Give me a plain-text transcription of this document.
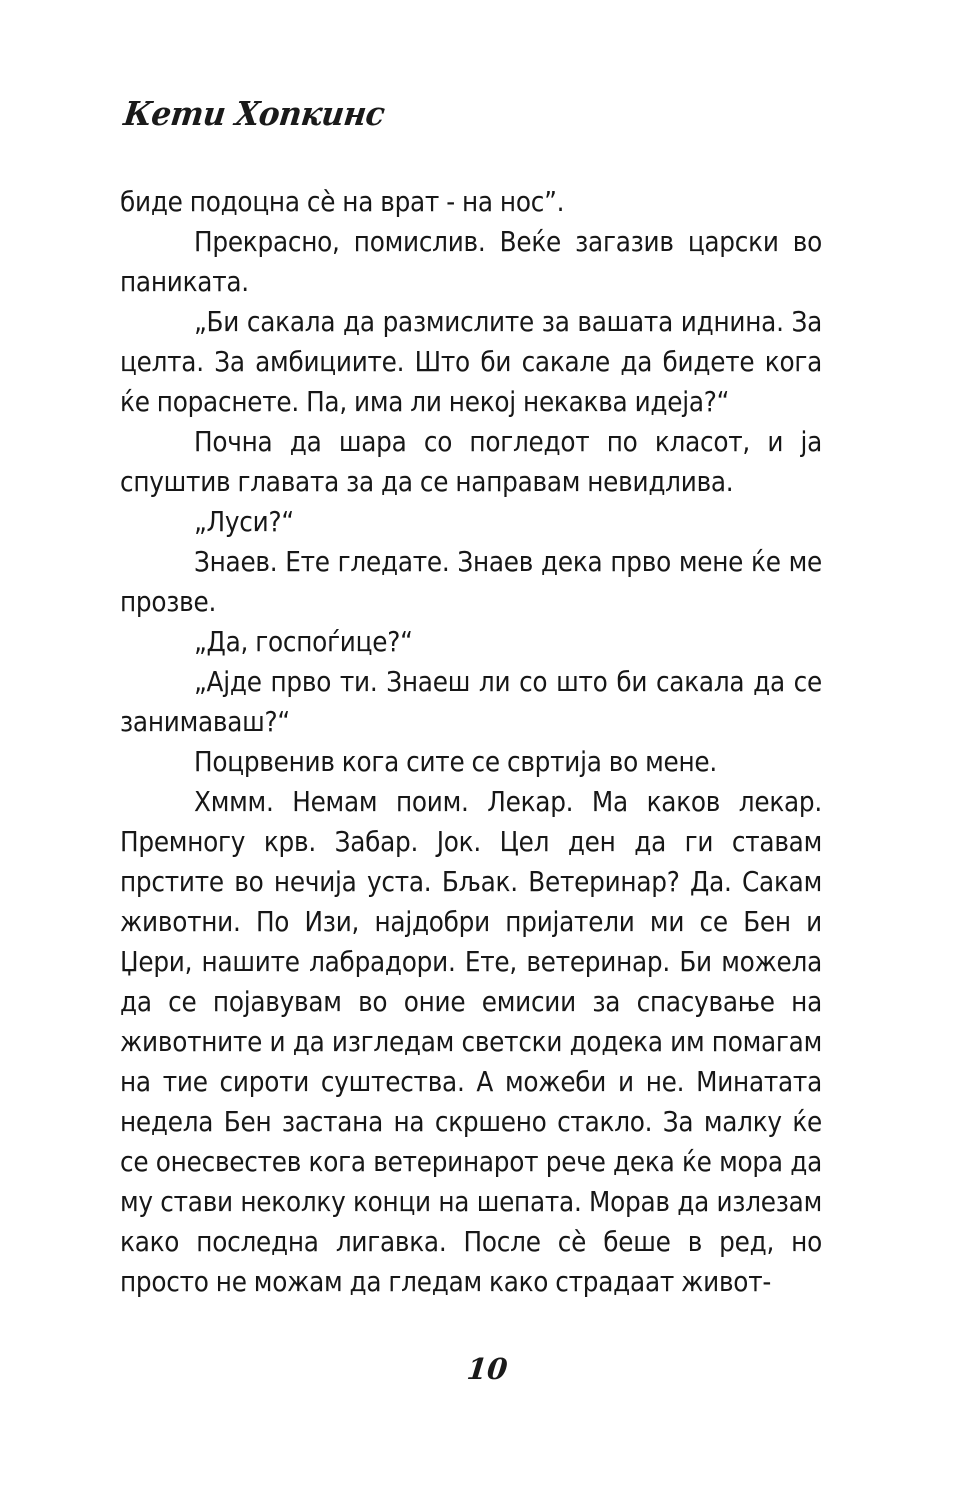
Кети Хопкинс

биде подоцна сè на врат - на нос”.

Прекрасно, помислив. Веќе загазив царски во паниката.

„Би сакала да размислите за вашата иднина. За целта. За амбициите. Што би сакале да бидете кога ќе пораснете. Па, има ли некој некаква идеја?“

Почна да шара со погледот по класот, и ја спуштив главата за да се направам невидлива.

„Луси?“

Знаев. Ете гледате. Знаев дека прво мене ќе ме прозве.

„Да, госпоѓице?“

„Ајде прво ти. Знаеш ли со што би сакала да се занимаваш?“

Поцрвенив кога сите се свртија во мене.

Хммм. Немам поим. Лекар. Ма каков лекар. Премногу крв. Забар. Јок. Цел ден да ги ставам прстите во нечија уста. Бљак. Ветеринар? Да. Сакам животни. По Изи, најдобри пријатели ми се Бен и Џери, нашите лабрадори. Ете, ветеринар. Би можела да се појавувам во оние емисии за спасување на животните и да изгледам светски додека им помагам на тие сироти суштества. А можеби и не. Минатата недела Бен застана на скршено стакло. За малку ќе се онесвестев кога ветеринарот рече дека ќе мора да му стави неколку конци на шепата. Морав да излезам како последна лигавка. После сè беше в ред, но просто не можам да гледам како страдаат живот-

10
